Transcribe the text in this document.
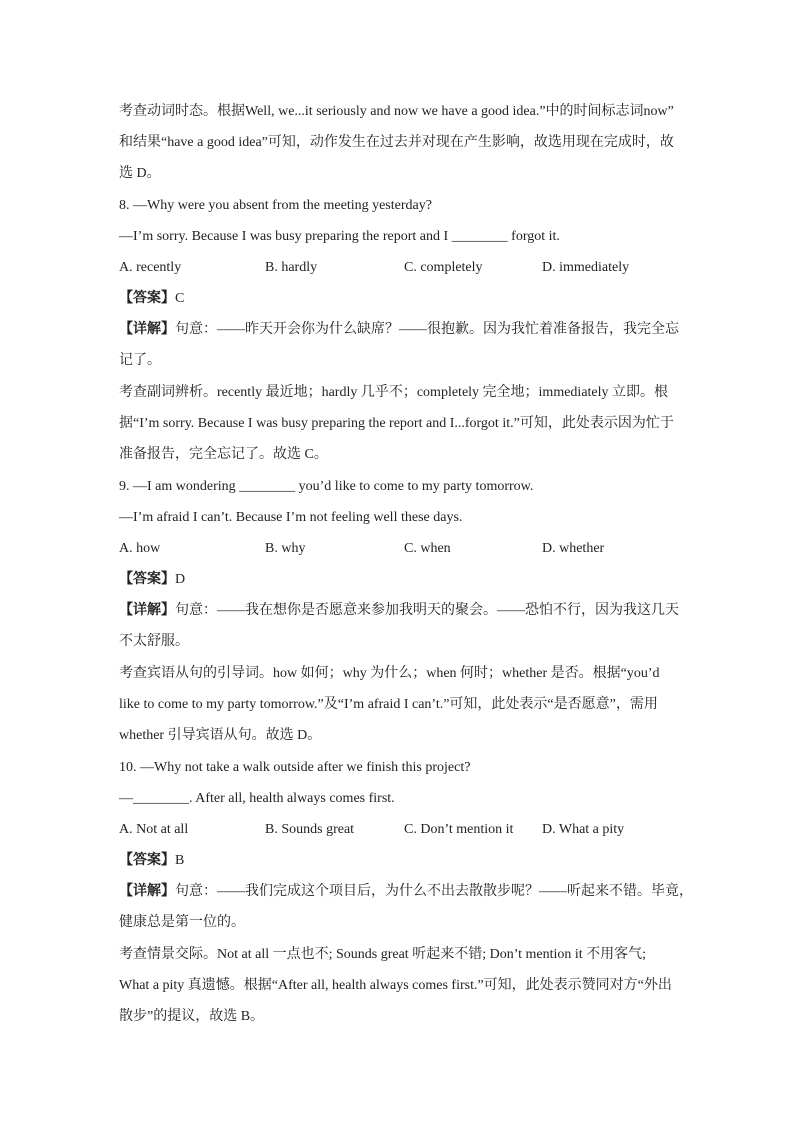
考查动词时态。根据Well, we...it seriously and now we have a good idea.”中的时间标志词now”
和结果“have a good idea”可知，动作发生在过去并对现在产生影响，故选用现在完成时，故
选 D。
8. —Why were you absent from the meeting yesterday?
—I’m sorry. Because I was busy preparing the report and I ________ forgot it.
A. recently	B. hardly	C. completely	D. immediately
【答案】C
【详解】句意：——昨天开会你为什么缺席？——很抱歉。因为我忙着准备报告，我完全忘
记了。
考查副词辨析。recently 最近地；hardly 几乎不；completely 完全地；immediately 立即。根
据“I’m sorry. Because I was busy preparing the report and I...forgot it.”可知，此处表示因为忙于
准备报告，完全忘记了。故选 C。
9. —I am wondering ________ you’d like to come to my party tomorrow.
—I’m afraid I can’t. Because I’m not feeling well these days.
A. how	B. why	C. when	D. whether
【答案】D
【详解】句意：——我在想你是否愿意来参加我明天的聚会。——恐怕不行，因为我这几天
不太舒服。
考查宾语从句的引导词。how 如何；why 为什么；when 何时；whether 是否。根据“you’d
like to come to my party tomorrow.”及“I’m afraid I can’t.”可知，此处表示“是否愿意”，需用
whether 引导宾语从句。故选 D。
10. —Why not take a walk outside after we finish this project?
—________. After all, health always comes first.
A. Not at all	B. Sounds great	C. Don’t mention it D. What a pity
【答案】B
【详解】句意：——我们完成这个项目后，为什么不出去散散步呢？——听起来不错。毕竟，
健康总是第一位的。
考查情景交际。Not at all 一点也不; Sounds great 听起来不错; Don’t mention it 不用客气;
What a pity 真遗憾。根据“After all, health always comes first.”可知，此处表示赞同对方“外出
散步”的提议，故选 B。
